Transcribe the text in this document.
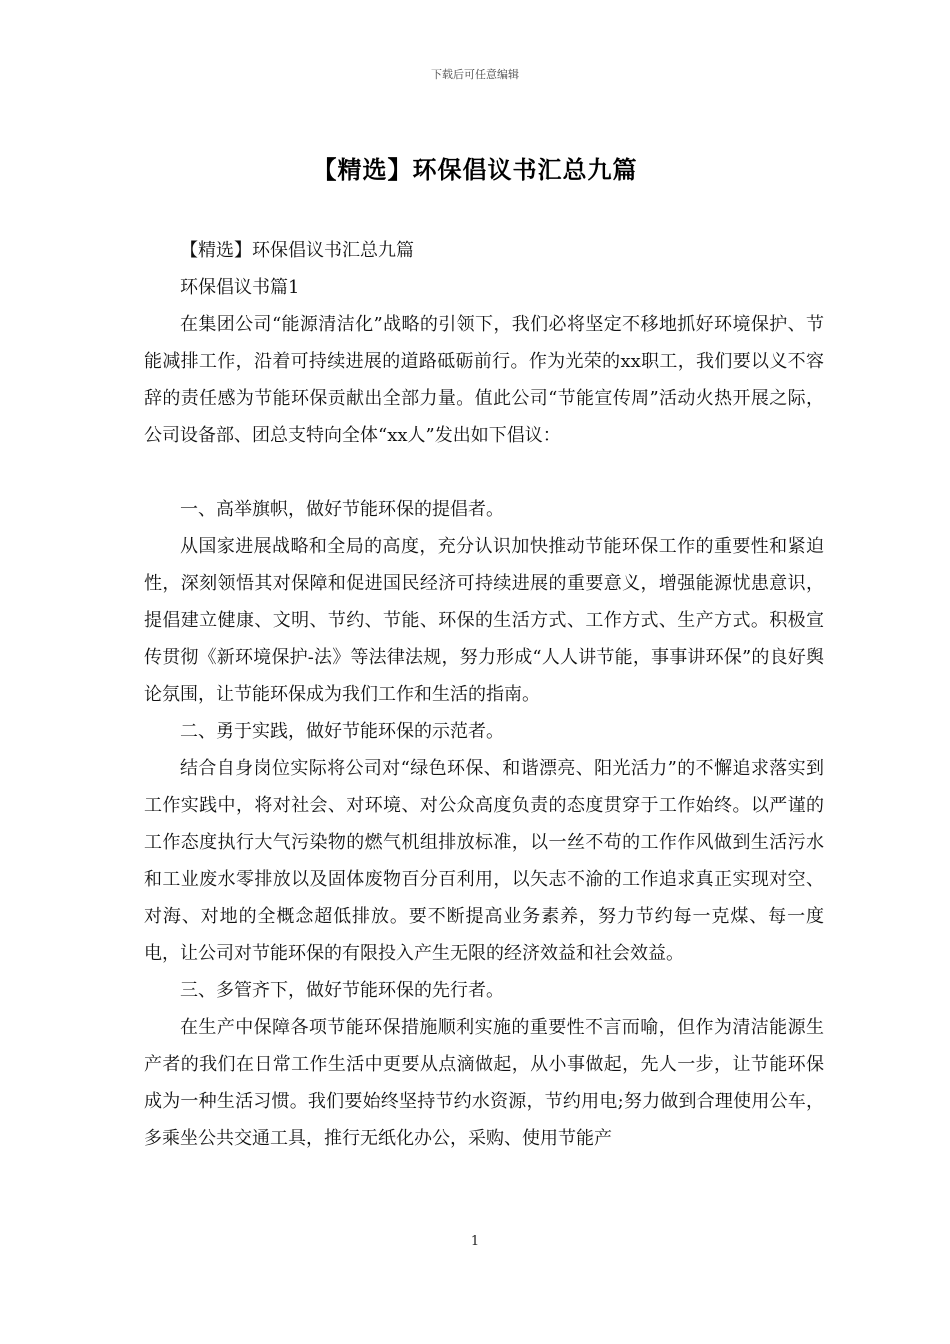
下载后可任意编辑
【精选】环保倡议书汇总九篇

【精选】环保倡议书汇总九篇

环保倡议书篇1

在集团公司“能源清洁化”战略的引领下，我们必将坚定不移地抓好环境保护、节能减排工作，沿着可持续进展的道路砥砺前行。作为光荣的xx职工，我们要以义不容辞的责任感为节能环保贡献出全部力量。值此公司“节能宣传周”活动火热开展之际，公司设备部、团总支特向全体“xx人”发出如下倡议：

一、高举旗帜，做好节能环保的提倡者。

从国家进展战略和全局的高度，充分认识加快推动节能环保工作的重要性和紧迫性，深刻领悟其对保障和促进国民经济可持续进展的重要意义，增强能源忧患意识，提倡建立健康、文明、节约、节能、环保的生活方式、工作方式、生产方式。积极宣传贯彻《新环境保护-法》等法律法规，努力形成“人人讲节能，事事讲环保”的良好舆论氛围，让节能环保成为我们工作和生活的指南。

二、勇于实践，做好节能环保的示范者。

结合自身岗位实际将公司对“绿色环保、和谐漂亮、阳光活力”的不懈追求落实到工作实践中，将对社会、对环境、对公众高度负责的态度贯穿于工作始终。以严谨的工作态度执行大气污染物的燃气机组排放标准，以一丝不苟的工作作风做到生活污水和工业废水零排放以及固体废物百分百利用，以矢志不渝的工作追求真正实现对空、对海、对地的全概念超低排放。要不断提高业务素养，努力节约每一克煤、每一度电，让公司对节能环保的有限投入产生无限的经济效益和社会效益。

三、多管齐下，做好节能环保的先行者。

在生产中保障各项节能环保措施顺利实施的重要性不言而喻，但作为清洁能源生产者的我们在日常工作生活中更要从点滴做起，从小事做起，先人一步，让节能环保成为一种生活习惯。我们要始终坚持节约水资源，节约用电;努力做到合理使用公车，多乘坐公共交通工具，推行无纸化办公，采购、使用节能产

1
